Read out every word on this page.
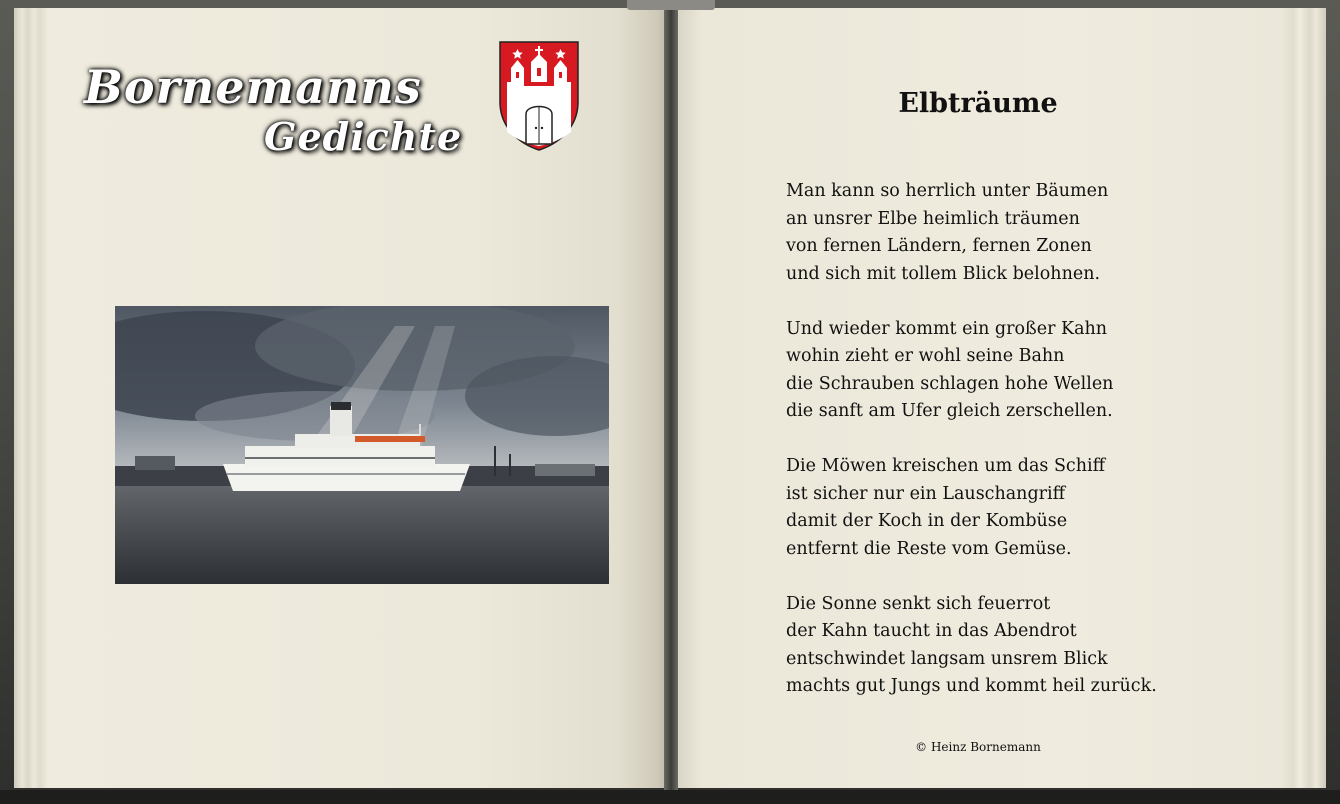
Bornemanns
Gedichte
Elbträume
Man kann so herrlich unter Bäumen
an unsrer Elbe heimlich träumen
von fernen Ländern, fernen Zonen
und sich mit tollem Blick belohnen.
Und wieder kommt ein großer Kahn
wohin zieht er wohl seine Bahn
die Schrauben schlagen hohe Wellen
die sanft am Ufer gleich zerschellen.
Die Möwen kreischen um das Schiff
ist sicher nur ein Lauschangriff
damit der Koch in der Kombüse
entfernt die Reste vom Gemüse.
Die Sonne senkt sich feuerrot
der Kahn taucht in das Abendrot
entschwindet langsam unsrem Blick
machts gut Jungs und kommt heil zurück.
© Heinz Bornemann
